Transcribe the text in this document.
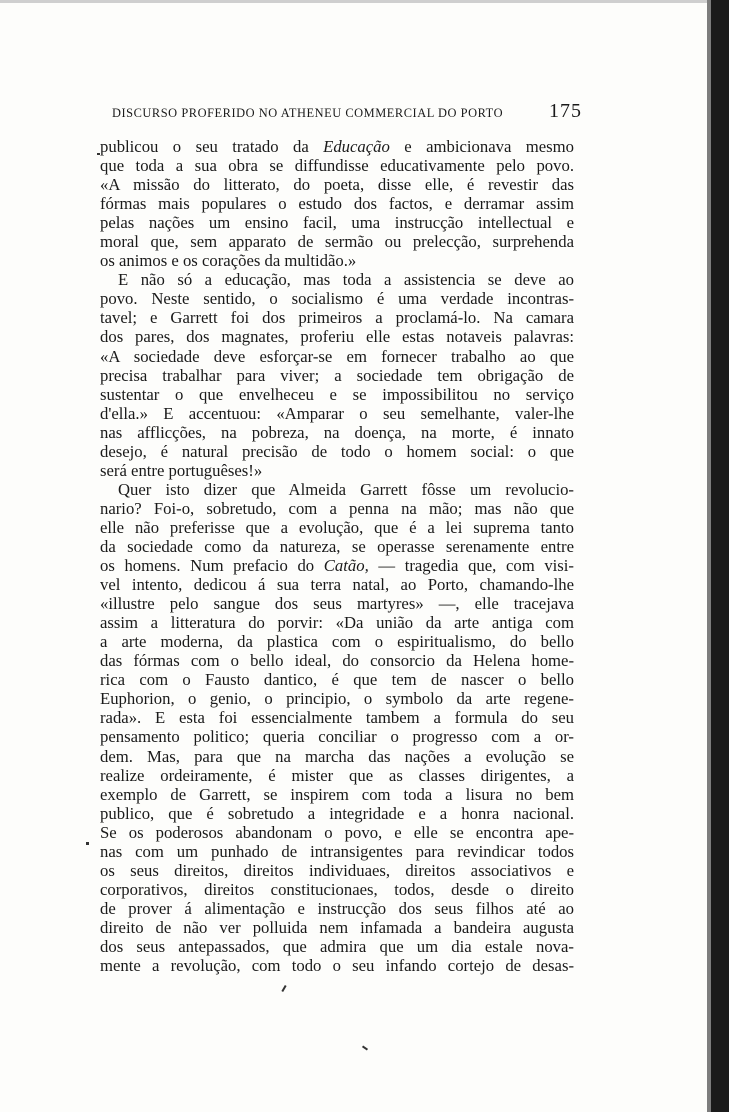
DISCURSO PROFERIDO NO ATHENEU COMMERCIAL DO PORTO 175
publicou o seu tratado da Educação e ambicionava mesmo
que toda a sua obra se diffundisse educativamente pelo povo.
«A missão do litterato, do poeta, disse elle, é revestir das
fórmas mais populares o estudo dos factos, e derramar assim
pelas nações um ensino facil, uma instrucção intellectual e
moral que, sem apparato de sermão ou prelecção, surprehenda
os animos e os corações da multidão.»
E não só a educação, mas toda a assistencia se deve ao
povo. Neste sentido, o socialismo é uma verdade incontras-
tavel; e Garrett foi dos primeiros a proclamá-lo. Na camara
dos pares, dos magnates, proferiu elle estas notaveis palavras:
«A sociedade deve esforçar-se em fornecer trabalho ao que
precisa trabalhar para viver; a sociedade tem obrigação de
sustentar o que envelheceu e se impossibilitou no serviço
d'ella.» E accentuou: «Amparar o seu semelhante, valer-lhe
nas afflicções, na pobreza, na doença, na morte, é innato
desejo, é natural precisão de todo o homem social: o que
será entre portuguêses!»
Quer isto dizer que Almeida Garrett fôsse um revolucio-
nario? Foi-o, sobretudo, com a penna na mão; mas não que
elle não preferisse que a evolução, que é a lei suprema tanto
da sociedade como da natureza, se operasse serenamente entre
os homens. Num prefacio do Catão, — tragedia que, com visi-
vel intento, dedicou á sua terra natal, ao Porto, chamando-lhe
«illustre pelo sangue dos seus martyres» —, elle tracejava
assim a litteratura do porvir: «Da união da arte antiga com
a arte moderna, da plastica com o espiritualismo, do bello
das fórmas com o bello ideal, do consorcio da Helena home-
rica com o Fausto dantico, é que tem de nascer o bello
Euphorion, o genio, o principio, o symbolo da arte regene-
rada». E esta foi essencialmente tambem a formula do seu
pensamento politico; queria conciliar o progresso com a or-
dem. Mas, para que na marcha das nações a evolução se
realize ordeiramente, é mister que as classes dirigentes, a
exemplo de Garrett, se inspirem com toda a lisura no bem
publico, que é sobretudo a integridade e a honra nacional.
Se os poderosos abandonam o povo, e elle se encontra ape-
nas com um punhado de intransigentes para revindicar todos
os seus direitos, direitos individuaes, direitos associativos e
corporativos, direitos constitucionaes, todos, desde o direito
de prover á alimentação e instrucção dos seus filhos até ao
direito de não ver polluida nem infamada a bandeira augusta
dos seus antepassados, que admira que um dia estale nova-
mente a revolução, com todo o seu infando cortejo de desas-
